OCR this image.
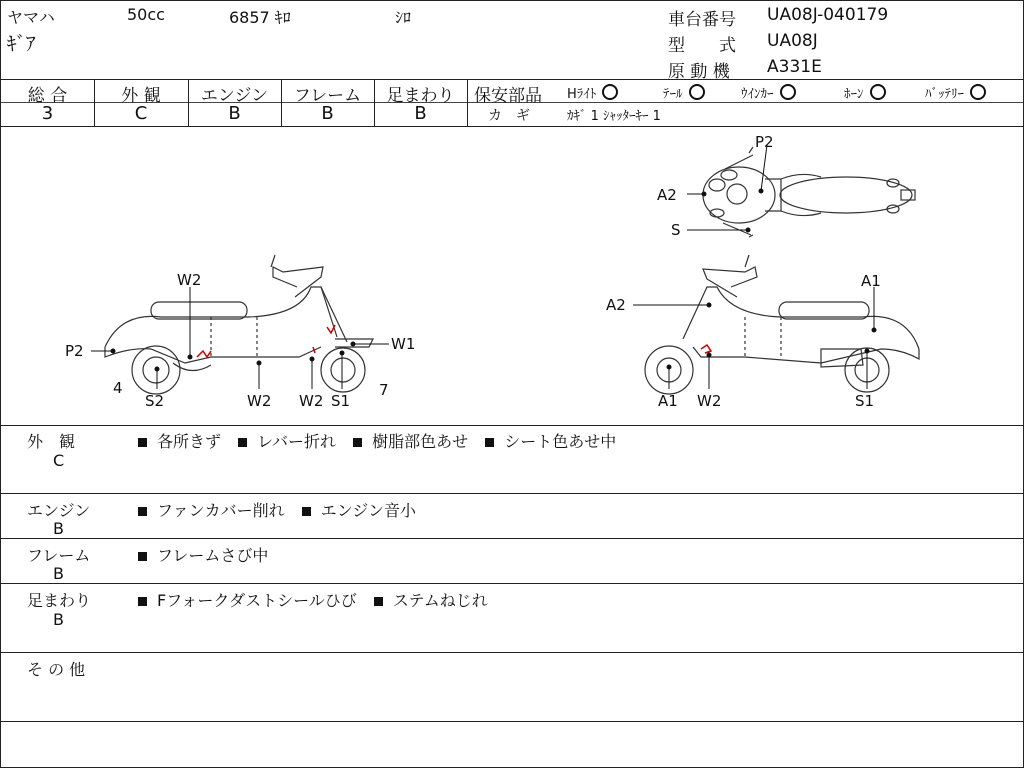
ヤマハ	50cc	6857 ｷﾛ	ｼﾛ
ｷﾞｱ
車台番号 UA08J-040179
型　　式 UA08J
原 動 機 A331E
総 合	外 観	エンジン	フレーム	足まわり
3	C	B	B	B
保安部品 Hﾗｲﾄ	ﾃｰﾙ	ｳｲﾝｶｰ	ﾎｰﾝ	ﾊﾞｯﾃﾘｰ
カ　ギ	ｶｷﾞ 1 ｼｬｯﾀｰｷｰ 1
P2
A2
S
W2
P2	W1
4
S2	W2 W2 S1
7
A2
A1
A1 W2	S1
外　観
C
各所きず レバー折れ 樹脂部色あせ シート色あせ中
エンジン
B
ファンカバー削れ エンジン音小
フレーム
B
フレームさび中
足まわり
B
Fフォークダストシールひび ステムねじれ
そ の 他
